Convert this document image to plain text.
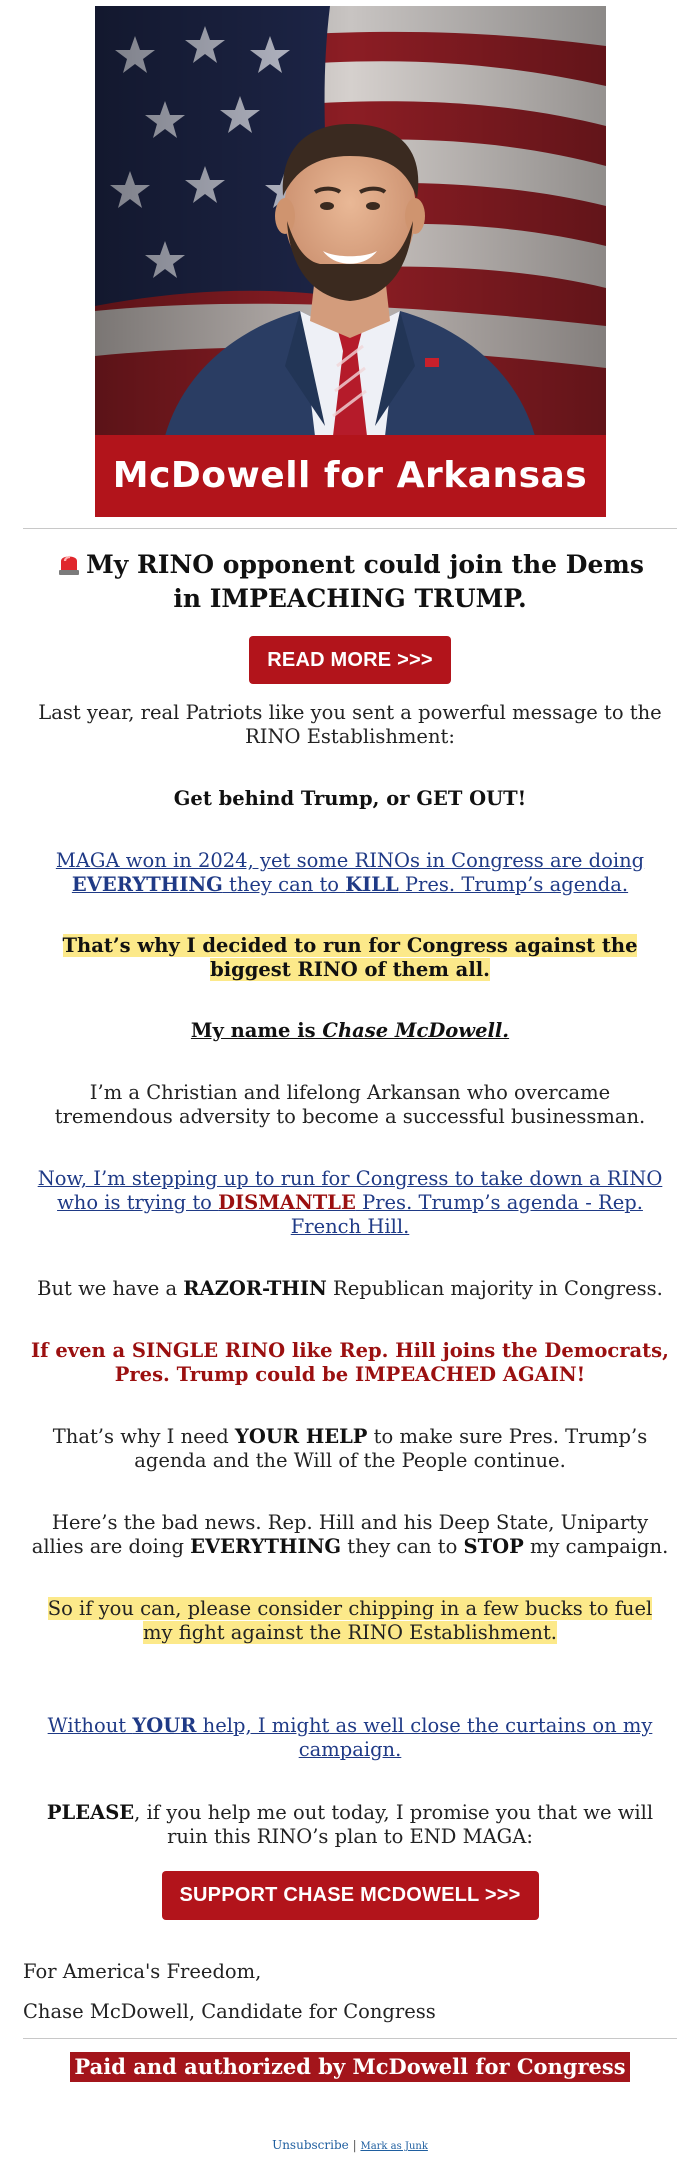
McDowell for Arkansas
My RINO opponent could join the Dems in IMPEACHING TRUMP.
READ MORE >>>
Last year, real Patriots like you sent a powerful message to the RINO Establishment:
Get behind Trump, or GET OUT!
MAGA won in 2024, yet some RINOs in Congress are doing EVERYTHING they can to KILL Pres. Trump’s agenda.
That’s why I decided to run for Congress against the biggest RINO of them all.
My name is Chase McDowell.
I’m a Christian and lifelong Arkansan who overcame tremendous adversity to become a successful businessman.
Now, I’m stepping up to run for Congress to take down a RINO who is trying to DISMANTLE Pres. Trump’s agenda - Rep. French Hill.
But we have a RAZOR-THIN Republican majority in Congress.
If even a SINGLE RINO like Rep. Hill joins the Democrats, Pres. Trump could be IMPEACHED AGAIN!
That’s why I need YOUR HELP to make sure Pres. Trump’s agenda and the Will of the People continue.
Here’s the bad news. Rep. Hill and his Deep State, Uniparty allies are doing EVERYTHING they can to STOP my campaign.
So if you can, please consider chipping in a few bucks to fuel my fight against the RINO Establishment.
Without YOUR help, I might as well close the curtains on my campaign.
PLEASE, if you help me out today, I promise you that we will ruin this RINO’s plan to END MAGA:
SUPPORT CHASE MCDOWELL >>>
For America's Freedom,
Chase McDowell, Candidate for Congress
Paid and authorized by McDowell for Congress
Unsubscribe | Mark as Junk
